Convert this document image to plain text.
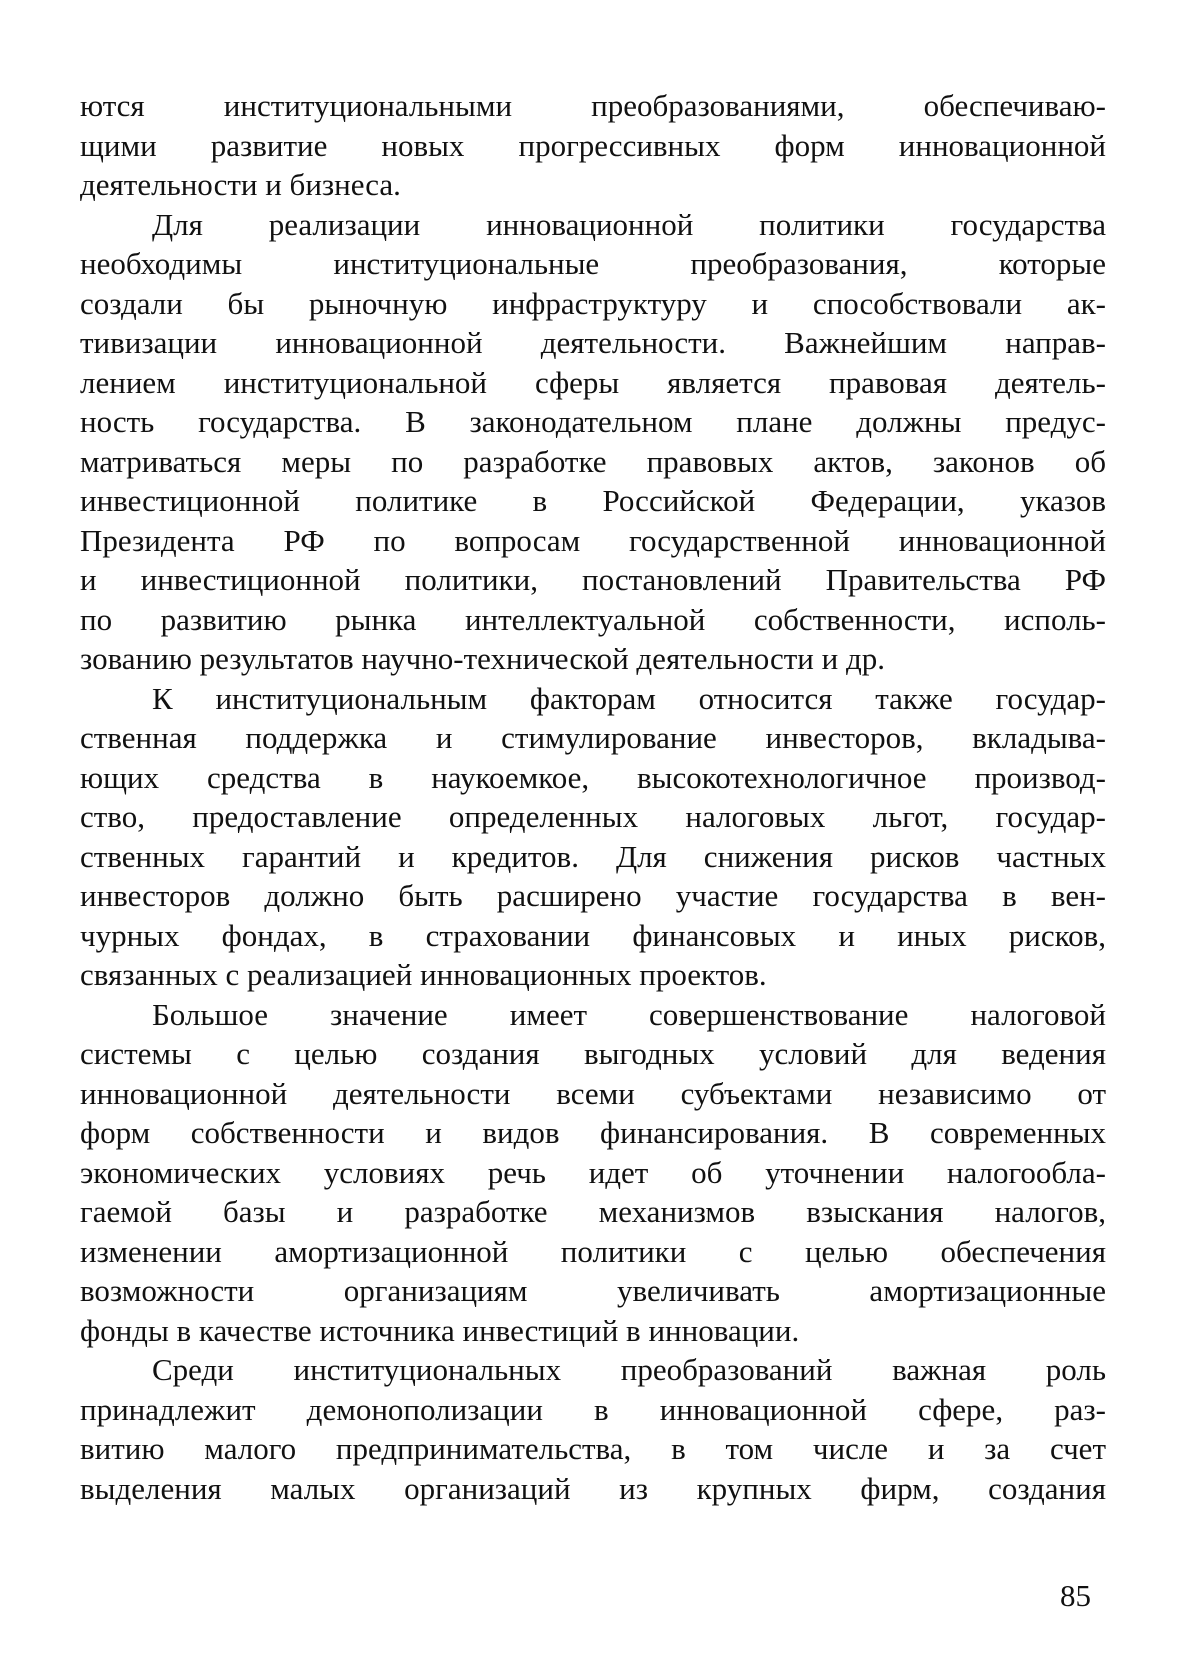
ются институциональными преобразованиями, обеспечиваю-
щими развитие новых прогрессивных форм инновационной
деятельности и бизнеса.
Для реализации инновационной политики государства
необходимы институциональные преобразования, которые
создали бы рыночную инфраструктуру и способствовали ак-
тивизации инновационной деятельности. Важнейшим направ-
лением институциональной сферы является правовая деятель-
ность государства. В законодательном плане должны предус-
матриваться меры по разработке правовых актов, законов об
инвестиционной политике в Российской Федерации, указов
Президента РФ по вопросам государственной инновационной
и инвестиционной политики, постановлений Правительства РФ
по развитию рынка интеллектуальной собственности, исполь-
зованию результатов научно-технической деятельности и др.
К институциональным факторам относится также государ-
ственная поддержка и стимулирование инвесторов, вкладыва-
ющих средства в наукоемкое, высокотехнологичное производ-
ство, предоставление определенных налоговых льгот, государ-
ственных гарантий и кредитов. Для снижения рисков частных
инвесторов должно быть расширено участие государства в вен-
чурных фондах, в страховании финансовых и иных рисков,
связанных с реализацией инновационных проектов.
Большое значение имеет совершенствование налоговой
системы с целью создания выгодных условий для ведения
инновационной деятельности всеми субъектами независимо от
форм собственности и видов финансирования. В современных
экономических условиях речь идет об уточнении налогообла-
гаемой базы и разработке механизмов взыскания налогов,
изменении амортизационной политики с целью обеспечения
возможности организациям увеличивать амортизационные
фонды в качестве источника инвестиций в инновации.
Среди институциональных преобразований важная роль
принадлежит демонополизации в инновационной сфере, раз-
витию малого предпринимательства, в том числе и за счет
выделения малых организаций из крупных фирм, создания
85
